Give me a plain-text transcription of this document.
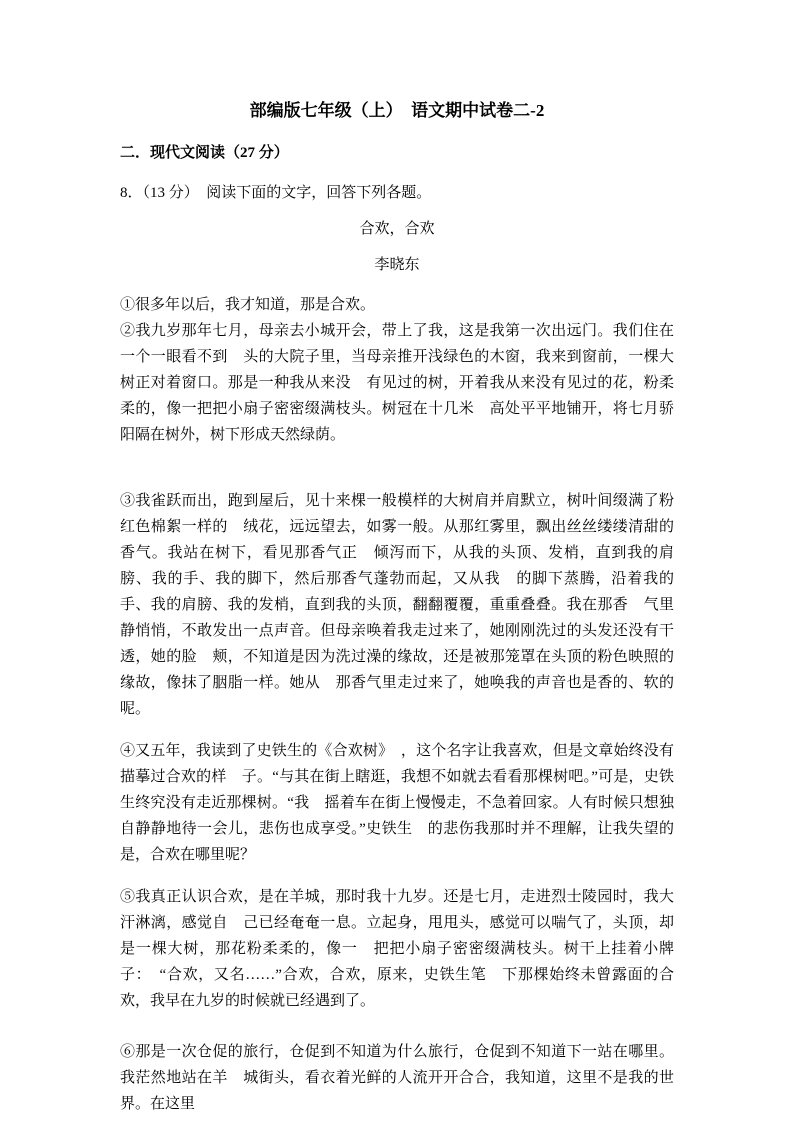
部编版七年级（上）　语文期中试卷二-2
二．现代文阅读（27 分）

8．（13 分）　阅读下面的文字，回答下列各题。

合欢，合欢

李晓东

①很多年以后，我才知道，那是合欢。

②我九岁那年七月，母亲去小城开会，带上了我，这是我第一次出远门。我们住在一个一眼看不到　头的大院子里，当母亲推开浅绿色的木窗，我来到窗前，一棵大树正对着窗口。那是一种我从来没　有见过的树，开着我从来没有见过的花，粉柔柔的，像一把把小扇子密密缀满枝头。树冠在十几米　高处平平地铺开，将七月骄阳隔在树外，树下形成天然绿荫。

③我雀跃而出，跑到屋后，见十来棵一般模样的大树肩并肩默立，树叶间缀满了粉红色棉絮一样的　绒花，远远望去，如雾一般。从那红雾里，飘出丝丝缕缕清甜的香气。我站在树下，看见那香气正　倾泻而下，从我的头顶、发梢，直到我的肩膀、我的手、我的脚下，然后那香气蓬勃而起，又从我　的脚下蒸腾，沿着我的手、我的肩膀、我的发梢，直到我的头顶，翻翻覆覆，重重叠叠。我在那香　气里静悄悄，不敢发出一点声音。但母亲唤着我走过来了，她刚刚洗过的头发还没有干透，她的脸　颊，不知道是因为洗过澡的缘故，还是被那笼罩在头顶的粉色映照的缘故，像抹了胭脂一样。她从　那香气里走过来了，她唤我的声音也是香的、软的呢。

④又五年，我读到了史铁生的《合欢树》　，这个名字让我喜欢，但是文章始终没有描摹过合欢的样　子。“与其在街上瞎逛，我想不如就去看看那棵树吧。”可是，史铁生终究没有走近那棵树。“我　摇着车在街上慢慢走，不急着回家。人有时候只想独自静静地待一会儿，悲伤也成享受。”史铁生　的悲伤我那时并不理解，让我失望的是，合欢在哪里呢？

⑤我真正认识合欢，是在羊城，那时我十九岁。还是七月，走进烈士陵园时，我大汗淋漓，感觉自　己已经奄奄一息。立起身，甩甩头，感觉可以喘气了，头顶，却是一棵大树，那花粉柔柔的，像一　把把小扇子密密缀满枝头。树干上挂着小牌子：　“合欢，又名……”合欢，合欢，原来，史铁生笔　下那棵始终未曾露面的合欢，我早在九岁的时候就已经遇到了。

⑥那是一次仓促的旅行，仓促到不知道为什么旅行，仓促到不知道下一站在哪里。我茫然地站在羊　城街头，看衣着光鲜的人流开开合合，我知道，这里不是我的世界。在这里
